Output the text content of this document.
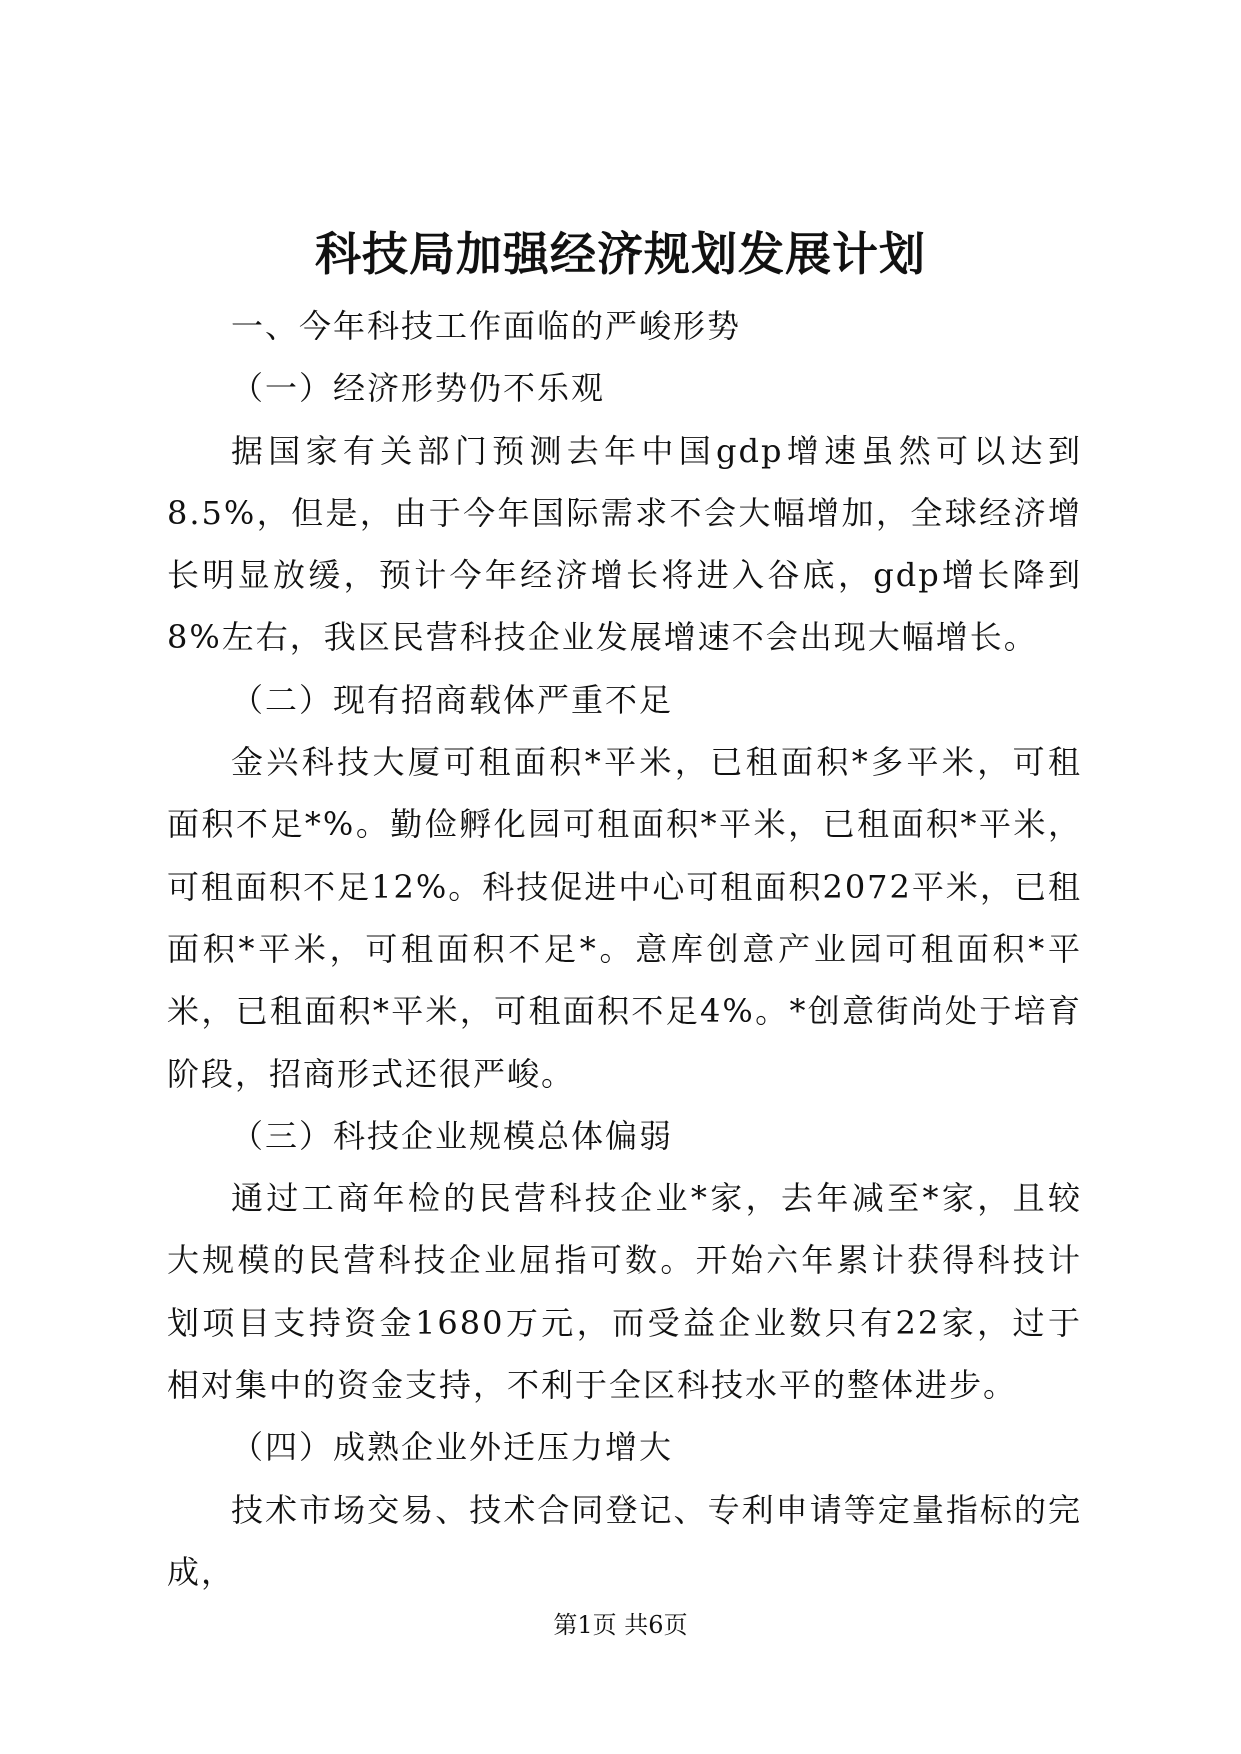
科技局加强经济规划发展计划

一、今年科技工作面临的严峻形势

（一）经济形势仍不乐观

据国家有关部门预测去年中国gdp增速虽然可以达到8.5%，但是，由于今年国际需求不会大幅增加，全球经济增长明显放缓，预计今年经济增长将进入谷底，gdp增长降到8%左右，我区民营科技企业发展增速不会出现大幅增长。

（二）现有招商载体严重不足

金兴科技大厦可租面积*平米，已租面积*多平米，可租面积不足*%。勤俭孵化园可租面积*平米，已租面积*平米，可租面积不足12%。科技促进中心可租面积2072平米，已租面积*平米，可租面积不足*。意库创意产业园可租面积*平米，已租面积*平米，可租面积不足4%。*创意街尚处于培育阶段，招商形式还很严峻。

（三）科技企业规模总体偏弱

通过工商年检的民营科技企业*家，去年减至*家，且较大规模的民营科技企业屈指可数。开始六年累计获得科技计划项目支持资金1680万元，而受益企业数只有22家，过于相对集中的资金支持，不利于全区科技水平的整体进步。

（四）成熟企业外迁压力增大

技术市场交易、技术合同登记、专利申请等定量指标的完成，

第1页 共6页
